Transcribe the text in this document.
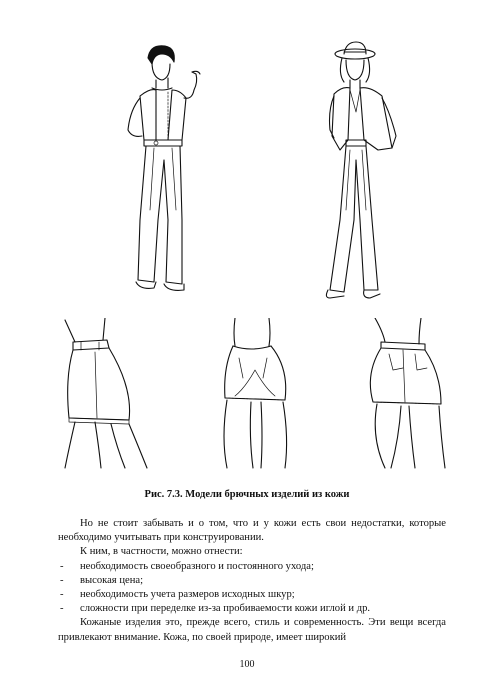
Рис. 7.3. Модели брючных изделий из кожи

Но не стоит забывать и о том, что и у кожи есть свои недостатки, которые необходимо учитывать при конструировании.

К ним, в частности, можно отнести:

- необходимость своеобразного и постоянного ухода;
- высокая цена;
- необходимость учета размеров исходных шкур;
- сложности при переделке из-за пробиваемости кожи иглой и др.

Кожаные изделия это, прежде всего, стиль и современность. Эти вещи всегда привлекают внимание. Кожа, по своей природе, имеет широкий

100
